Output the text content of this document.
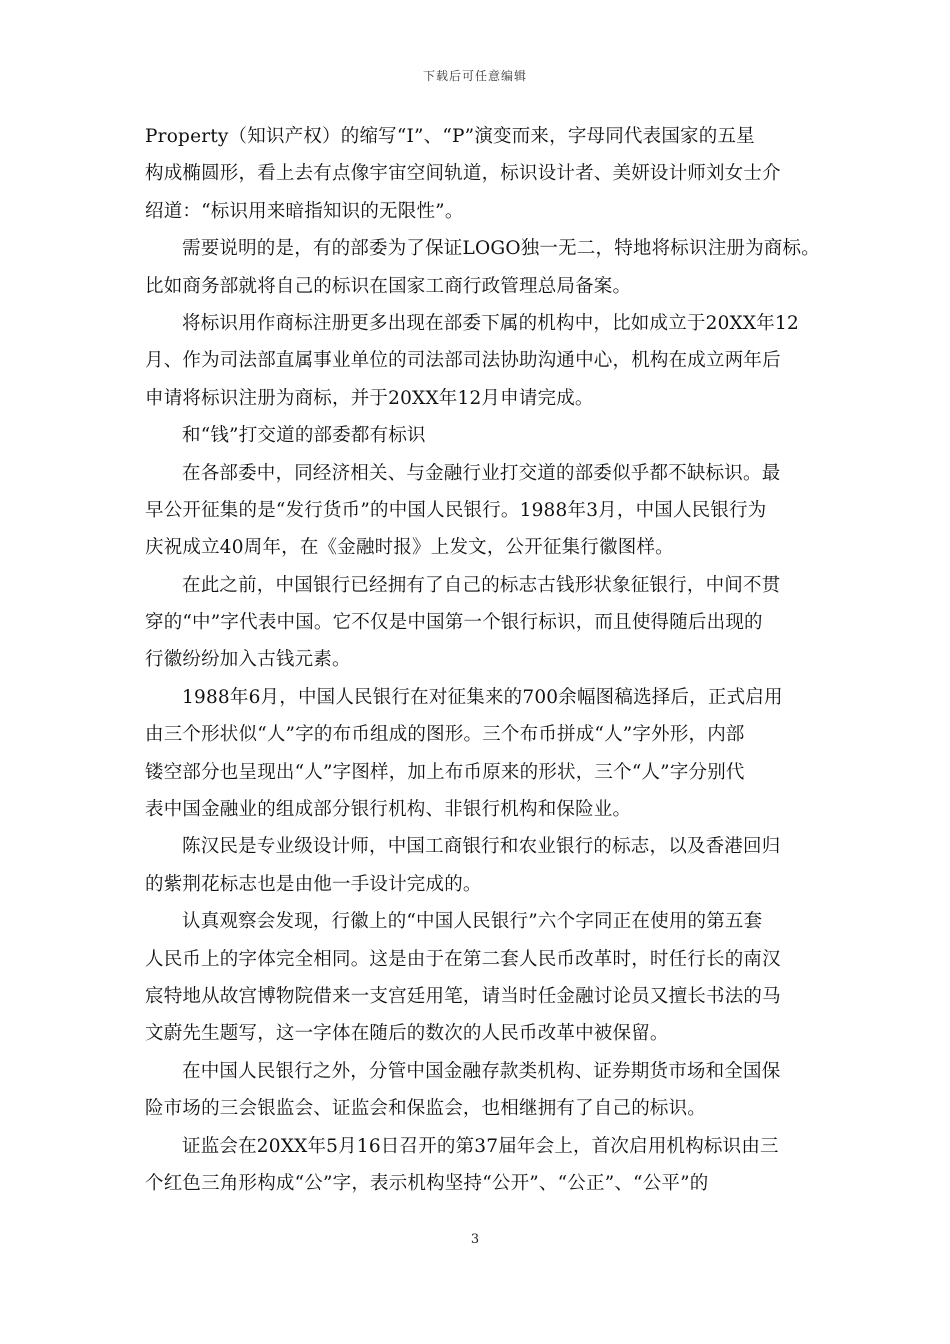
下载后可任意编辑
Property（知识产权）的缩写“I”、“P”演变而来，字母同代表国家的五星
构成椭圆形，看上去有点像宇宙空间轨道，标识设计者、美妍设计师刘女士介
绍道：“标识用来暗指知识的无限性”。
需要说明的是，有的部委为了保证LOGO独一无二，特地将标识注册为商标。
比如商务部就将自己的标识在国家工商行政管理总局备案。
将标识用作商标注册更多出现在部委下属的机构中，比如成立于20XX年12
月、作为司法部直属事业单位的司法部司法协助沟通中心，机构在成立两年后
申请将标识注册为商标，并于20XX年12月申请完成。
和“钱”打交道的部委都有标识
在各部委中，同经济相关、与金融行业打交道的部委似乎都不缺标识。最
早公开征集的是“发行货币”的中国人民银行。1988年3月，中国人民银行为
庆祝成立40周年，在《金融时报》上发文，公开征集行徽图样。
在此之前，中国银行已经拥有了自己的标志古钱形状象征银行，中间不贯
穿的“中”字代表中国。它不仅是中国第一个银行标识，而且使得随后出现的
行徽纷纷加入古钱元素。
1988年6月，中国人民银行在对征集来的700余幅图稿选择后，正式启用
由三个形状似“人”字的布币组成的图形。三个布币拼成“人”字外形，内部
镂空部分也呈现出“人”字图样，加上布币原来的形状，三个“人”字分别代
表中国金融业的组成部分银行机构、非银行机构和保险业。
陈汉民是专业级设计师，中国工商银行和农业银行的标志，以及香港回归
的紫荆花标志也是由他一手设计完成的。
认真观察会发现，行徽上的“中国人民银行”六个字同正在使用的第五套
人民币上的字体完全相同。这是由于在第二套人民币改革时，时任行长的南汉
宸特地从故宫博物院借来一支宫廷用笔，请当时任金融讨论员又擅长书法的马
文蔚先生题写，这一字体在随后的数次的人民币改革中被保留。
在中国人民银行之外，分管中国金融存款类机构、证券期货市场和全国保
险市场的三会银监会、证监会和保监会，也相继拥有了自己的标识。
证监会在20XX年5月16日召开的第37届年会上，首次启用机构标识由三
个红色三角形构成“公”字，表示机构坚持“公开”、“公正”、“公平”的
3
